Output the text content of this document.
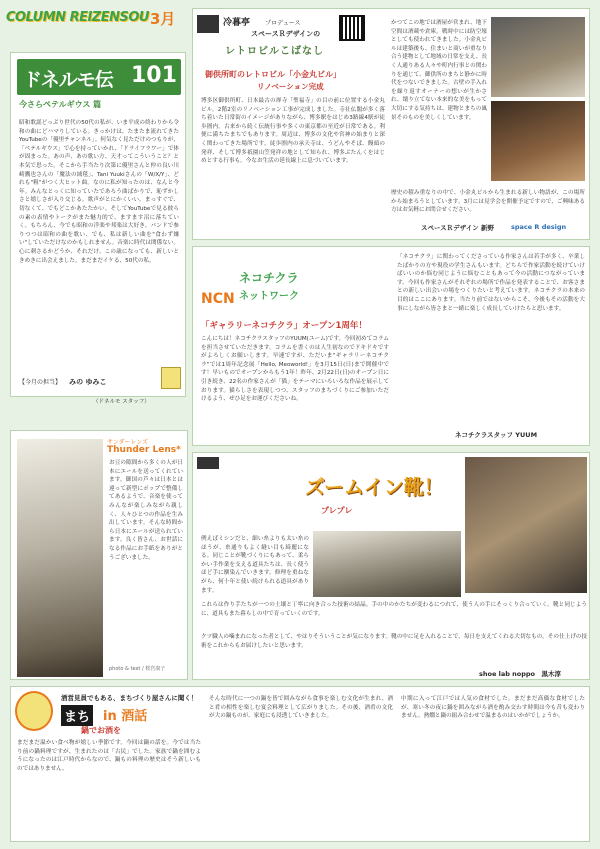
COLUMN REIZENSOU 3月
ドネルモ伝 101
今さらペテルギウス 篇
昭和歌謡どっぷり世代の50代の私が、いま平成の終わりから令和の曲にどハマりしている。きっかけは、たまたま流れてきたYouTubeの「優里チャンネル」。何気なく見ただけのつもりが、「ペテルギウス」で心を持っていかれ、「ドライフラワー」で体が固まった。あの声、あの歌い方、天才ってこういうこと？と本気で思った。そこから手当たり次第に優里さんと仲の良い川崎鷹也さんの「魔法の絨毯」、Tani Yuukiさんの「W/X/Y」、どれも"粗"がつく大ヒット曲。なのに私が知ったのは、なんと今年。みんなとっくに知っていたであろう曲ばかりで、恥ずかしさと嬉しさが入り交じる。歌声がとにかくいい。まっすぐで、切なくて、でもどこかあたたかい。そしてYouTubeで見る彼らの素の表情やトークがまた魅力的で、ますます沼に落ちていく。もちろん、今でも昭和の洋楽や邦楽は大好き。バンドで参りつつは昭和の曲を歌い、でも、私は新しい曲を"食わず嫌い"していただけなのかもしれません。音楽に時代は関係ない。心に刺さるかどうか、それだけ。この歳になっても、新しいときめきに出会えました。まだまだイケる、50代の私。
【今月の担当】 みの ゆみこ
（ドネルモ スタッフ）
冷暮亭 プロデュース
スペースＲデザインの
レトロビルこばなし
御供所町のレトロビル「小金丸ビル」
リノベーション完成
博多区御供所町、日本最古の禅寺「聖福寺」の目の前に位置する小金丸ビル。2階2室のリノベーション工事が完成しました。寺社仏閣が多く落ち着いた日常街のイメージがありながら、博多駅をはじめ3路線4駅が徒歩圏内。古来から続く伝統行事や多くの東京都の至近が日常である。利便に満ちたまちでもあります。周辺は、博多の文化や宮神の始まりと深く関わってきた場所です。徒歩圏内の承天寺は、うどんやそば、饅頭の発祥、そして博多祇園山笠発祥の地として知られ、博多ぶたんくをはじめとする行事も。今なお生活の延長線上に息づいています。
かつてこの地では酒屋が営まれ、地下空間は酒蔵や倉庫。戦時中には防空壕としても使われてきました。小金丸ビルは建築後も、住まいと商いが重なり合う建物として地域の日常を支え、長く人通りある人々や町内行事との関わりを通じて、御供所のまちと静かに時代をつないできました。古壁の手入れを繰り返すオーナーの想いが生かされ、壊り立てない本来的な美をもって大切にする気持ちは、建物とまちの風景そのものを美しくしています。
歴史の積み重なりの中で、小金丸ビルから生まれる新しい物語が、この場所から始まろうとしています。3月には見学会を開催予定ですので、ご興味ある方はお気軽にお問合せください。
スペースＲデザイン 新野	space R design
NCN
ネコチクラ
ネットワーク
「ギャラリーネコチクラ」オープン1周年！
こんにちは！ネコチクラスタッフのYUUM(ユーム)です。今回初めてコラムを担当させていただきます。コラムを書くのは人生初なのでドキドキですがよろしくお願いします。早速ですが、ただいま"ギャラリーネコチクラ"では1周年記念展「Hello, Meoworld!」を3月15日(日)まで開催中です！早いものでオープンからもう1年！昨年、2月22日(日)のオープン日に引き続き、22名の作家さんが「猫」をテーマにいろいろな作品を展示しております。猫らしさを表現しつつ、スタッフのまちづくりにご参加いただけるよう、ぜひ足をお運びくださいね。
「ネコチクラ」に関わってくださっている作家さんは若手が多く、卒業したばかりの方や現役の学生さんもいます。どちらで作家活動を続けていけばいいのか悩む同じように悩むこともあって今の活動につながっています。今回も作家さんがそれぞれの場所で作品を発表することで、お客さまとの新しい出会いの場をつくりたいと考えています。ネコチクラの本来の目的はここにあります。当たり前ではないからこそ、今後もその活動を大事にしながら皆さまと一緒に楽しく成長していけたらと思います。
ネコチクラスタッフ YUUM
サンダーレンズ
Thunder Lens*
お豆の隙間から多くの人が日本にエールを送ってくれています。御国の芦々は日本とは違って新型にポップで整備してあるようで、音楽を使ってみんなが楽しみながら親しく、人々ひとつの作品を生み出しています。そんな時間から日本にエールが送られています。良く皆さん、お世話になる作品にお手紙をありがとうございました。
photo & text / 桜宮康子
ズームイン靴！
プレプレ
例えばミシンだと、細い糸よりも太い糸のほうが、糸通りもよく縫い目も綺麗になる。同じことが靴づくりにもあって、柔らかい手作業を支える道具たちは、長く使うほど手に馴染んでいきます。修理を重ねながら、何十年と使い続けられる道具があります。
これらは作り手たちが一つの土壌と丁寧に向き合った技術の結晶。手の中のかたちが変わるにつれて、使う人の手にそっくり合っていく。靴と同じように、道具もまた暮らしの中で育っていくのです。
クツ職人の噛まれになった者として、やはりそういうことが気になります。靴の中に足を入れることで、毎日を支えてくれる大切なもの。その仕上げの技術をこれからもお届けしたいと思います。
shoe lab noppo　黒木淳
酒営見員でもある、まちづくり屋さんに聞く！
まち in 酒話
鍋でお酒を
まだまだ温かい食べ物が嬉しい季節です。今回は鍋の話を。今では当たり前の鍋料理ですが、生まれたのは「古民」でした。家族で鍋を囲むようになったのは江戸時代からなので、鍋もの料理の歴史はそう新しいものではありません。
そんな時代に一つの鍋を皆で囲みながら食事を楽しむ文化が生まれ、酒と肴の相性を楽しむ宴会料理として広がりました。その後、酒肴の文化が大の鍋ものが、家庭にも浸透していきました。
中期に入って江戸では人気の食材でした。まだまだ高価な食材でしたが、寒い冬の夜に鍋を囲みながら酒を酌み交わす時間は今も昔も変わりません。熱燗と鍋の組み合わせで温まるのはいかがでしょうか。
